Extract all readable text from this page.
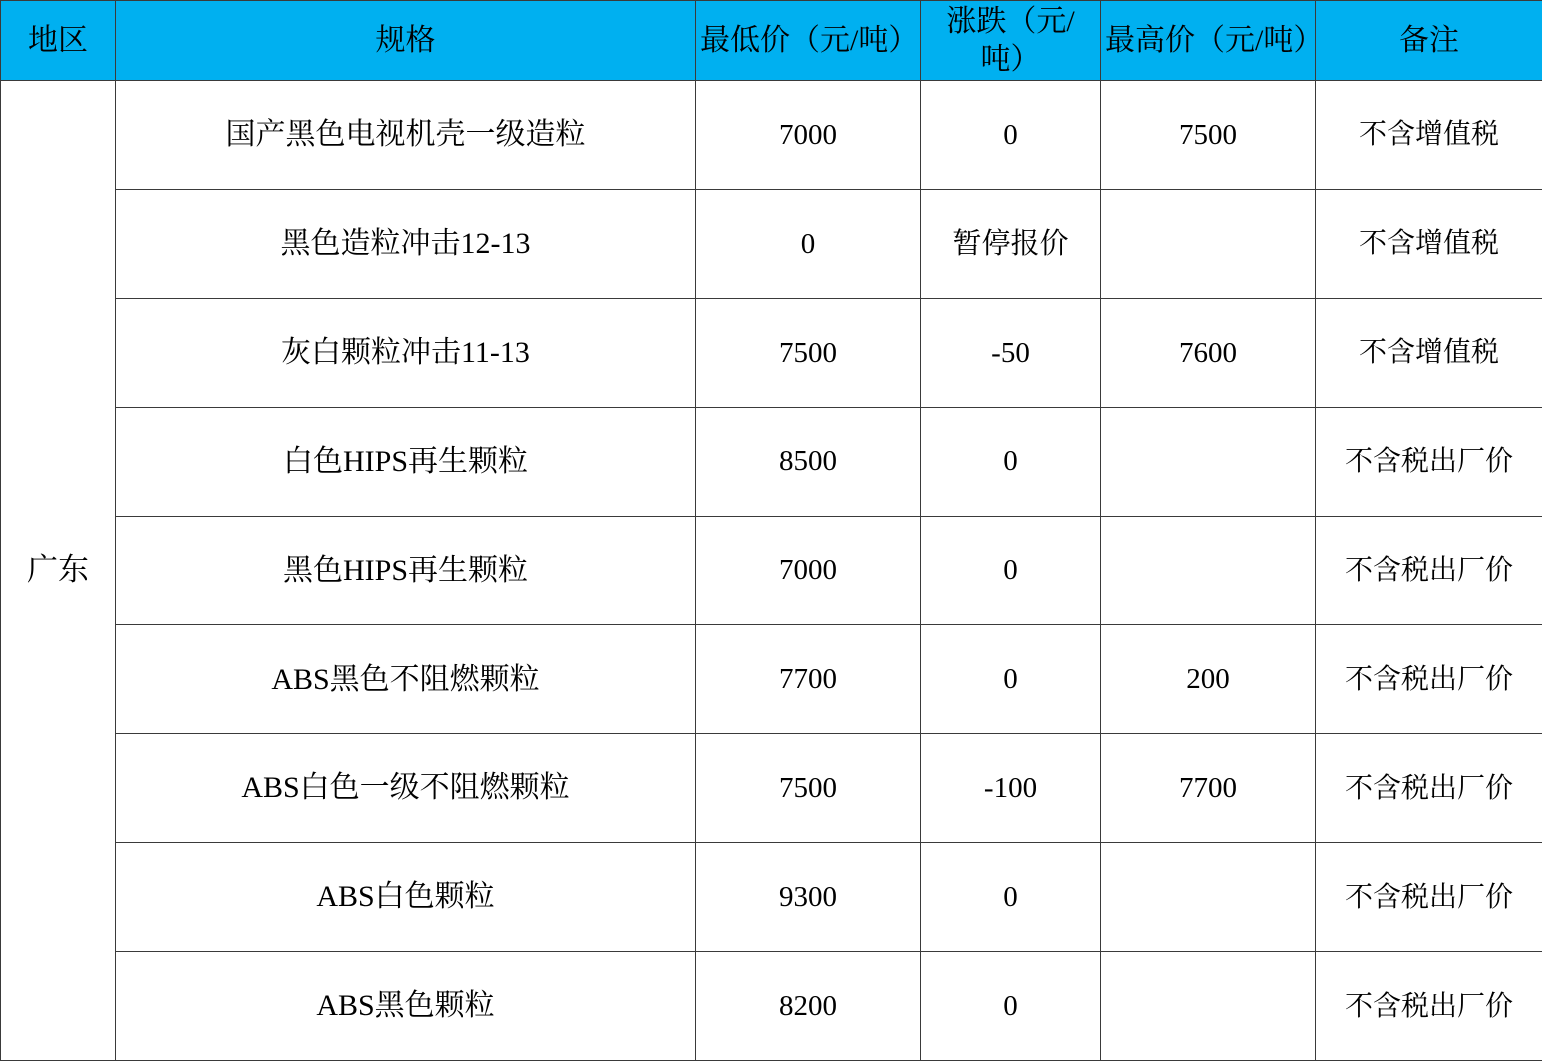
地区	规格	最低价（元/吨）	涨跌（元/吨）	最高价（元/吨）	备注
广东	国产黑色电视机壳一级造粒	7000	0	7500	不含增值税
	黑色造粒冲击12-13	0	暂停报价		不含增值税
	灰白颗粒冲击11-13	7500	-50	7600	不含增值税
	白色HIPS再生颗粒	8500	0		不含税出厂价
	黑色HIPS再生颗粒	7000	0		不含税出厂价
	ABS黑色不阻燃颗粒	7700	0	200	不含税出厂价
	ABS白色一级不阻燃颗粒	7500	-100	7700	不含税出厂价
	ABS白色颗粒	9300	0		不含税出厂价
	ABS黑色颗粒	8200	0		不含税出厂价
